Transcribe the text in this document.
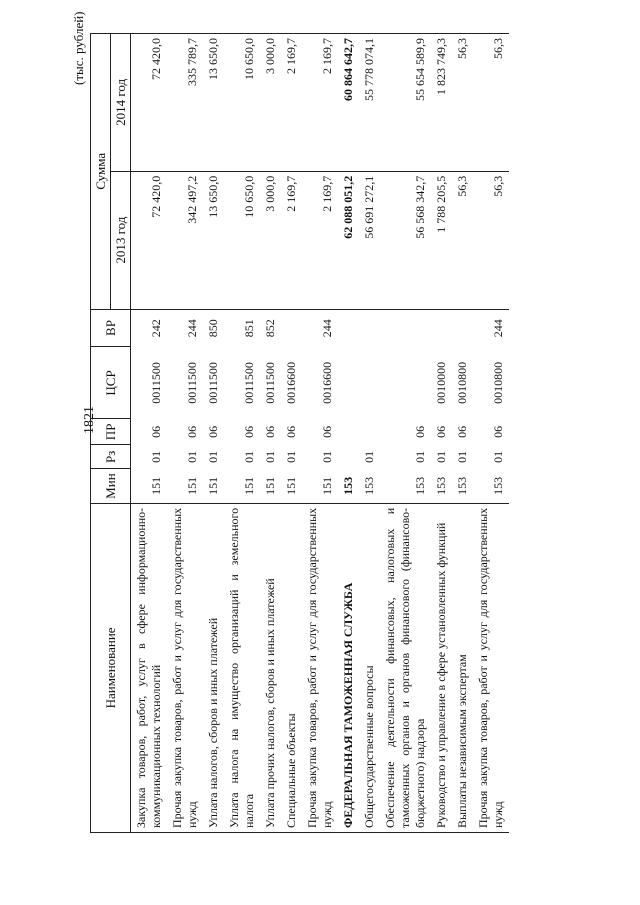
1821
(тыс. рублей)
Наименование	Мин	Рз	ПР	ЦСР	ВР	Сумма	
						2013 год	2014 год
Закупка товаров, работ, услуг в сфере информационно-коммуникационных технологий	151	01	06	0011500	242	72 420,0	72 420,0
Прочая закупка товаров, работ и услуг для государственных нужд	151	01	06	0011500	244	342 497,2	335 789,7
Уплата налогов, сборов и иных платежей	151	01	06	0011500	850	13 650,0	13 650,0
Уплата налога на имущество организаций и земельного налога	151	01	06	0011500	851	10 650,0	10 650,0
Уплата прочих налогов, сборов и иных платежей	151	01	06	0011500	852	3 000,0	3 000,0
Специальные объекты	151	01	06	0016600		2 169,7	2 169,7
Прочая закупка товаров, работ и услуг для государственных нужд	151	01	06	0016600	244	2 169,7	2 169,7
ФЕДЕРАЛЬНАЯ ТАМОЖЕННАЯ СЛУЖБА	153					62 088 051,2	60 864 642,7
Общегосударственные вопросы	153	01				56 691 272,1	55 778 074,1
Обеспечение деятельности финансовых, налоговых и таможенных органов и органов финансового (финансово-бюджетного) надзора	153	01	06			56 568 342,7	55 654 589,9
Руководство и управление в сфере установленных функций	153	01	06	0010000		1 788 205,5	1 823 749,3
Выплаты независимым экспертам	153	01	06	0010800		56,3	56,3
Прочая закупка товаров, работ и услуг для государственных нужд	153	01	06	0010800	244	56,3	56,3
